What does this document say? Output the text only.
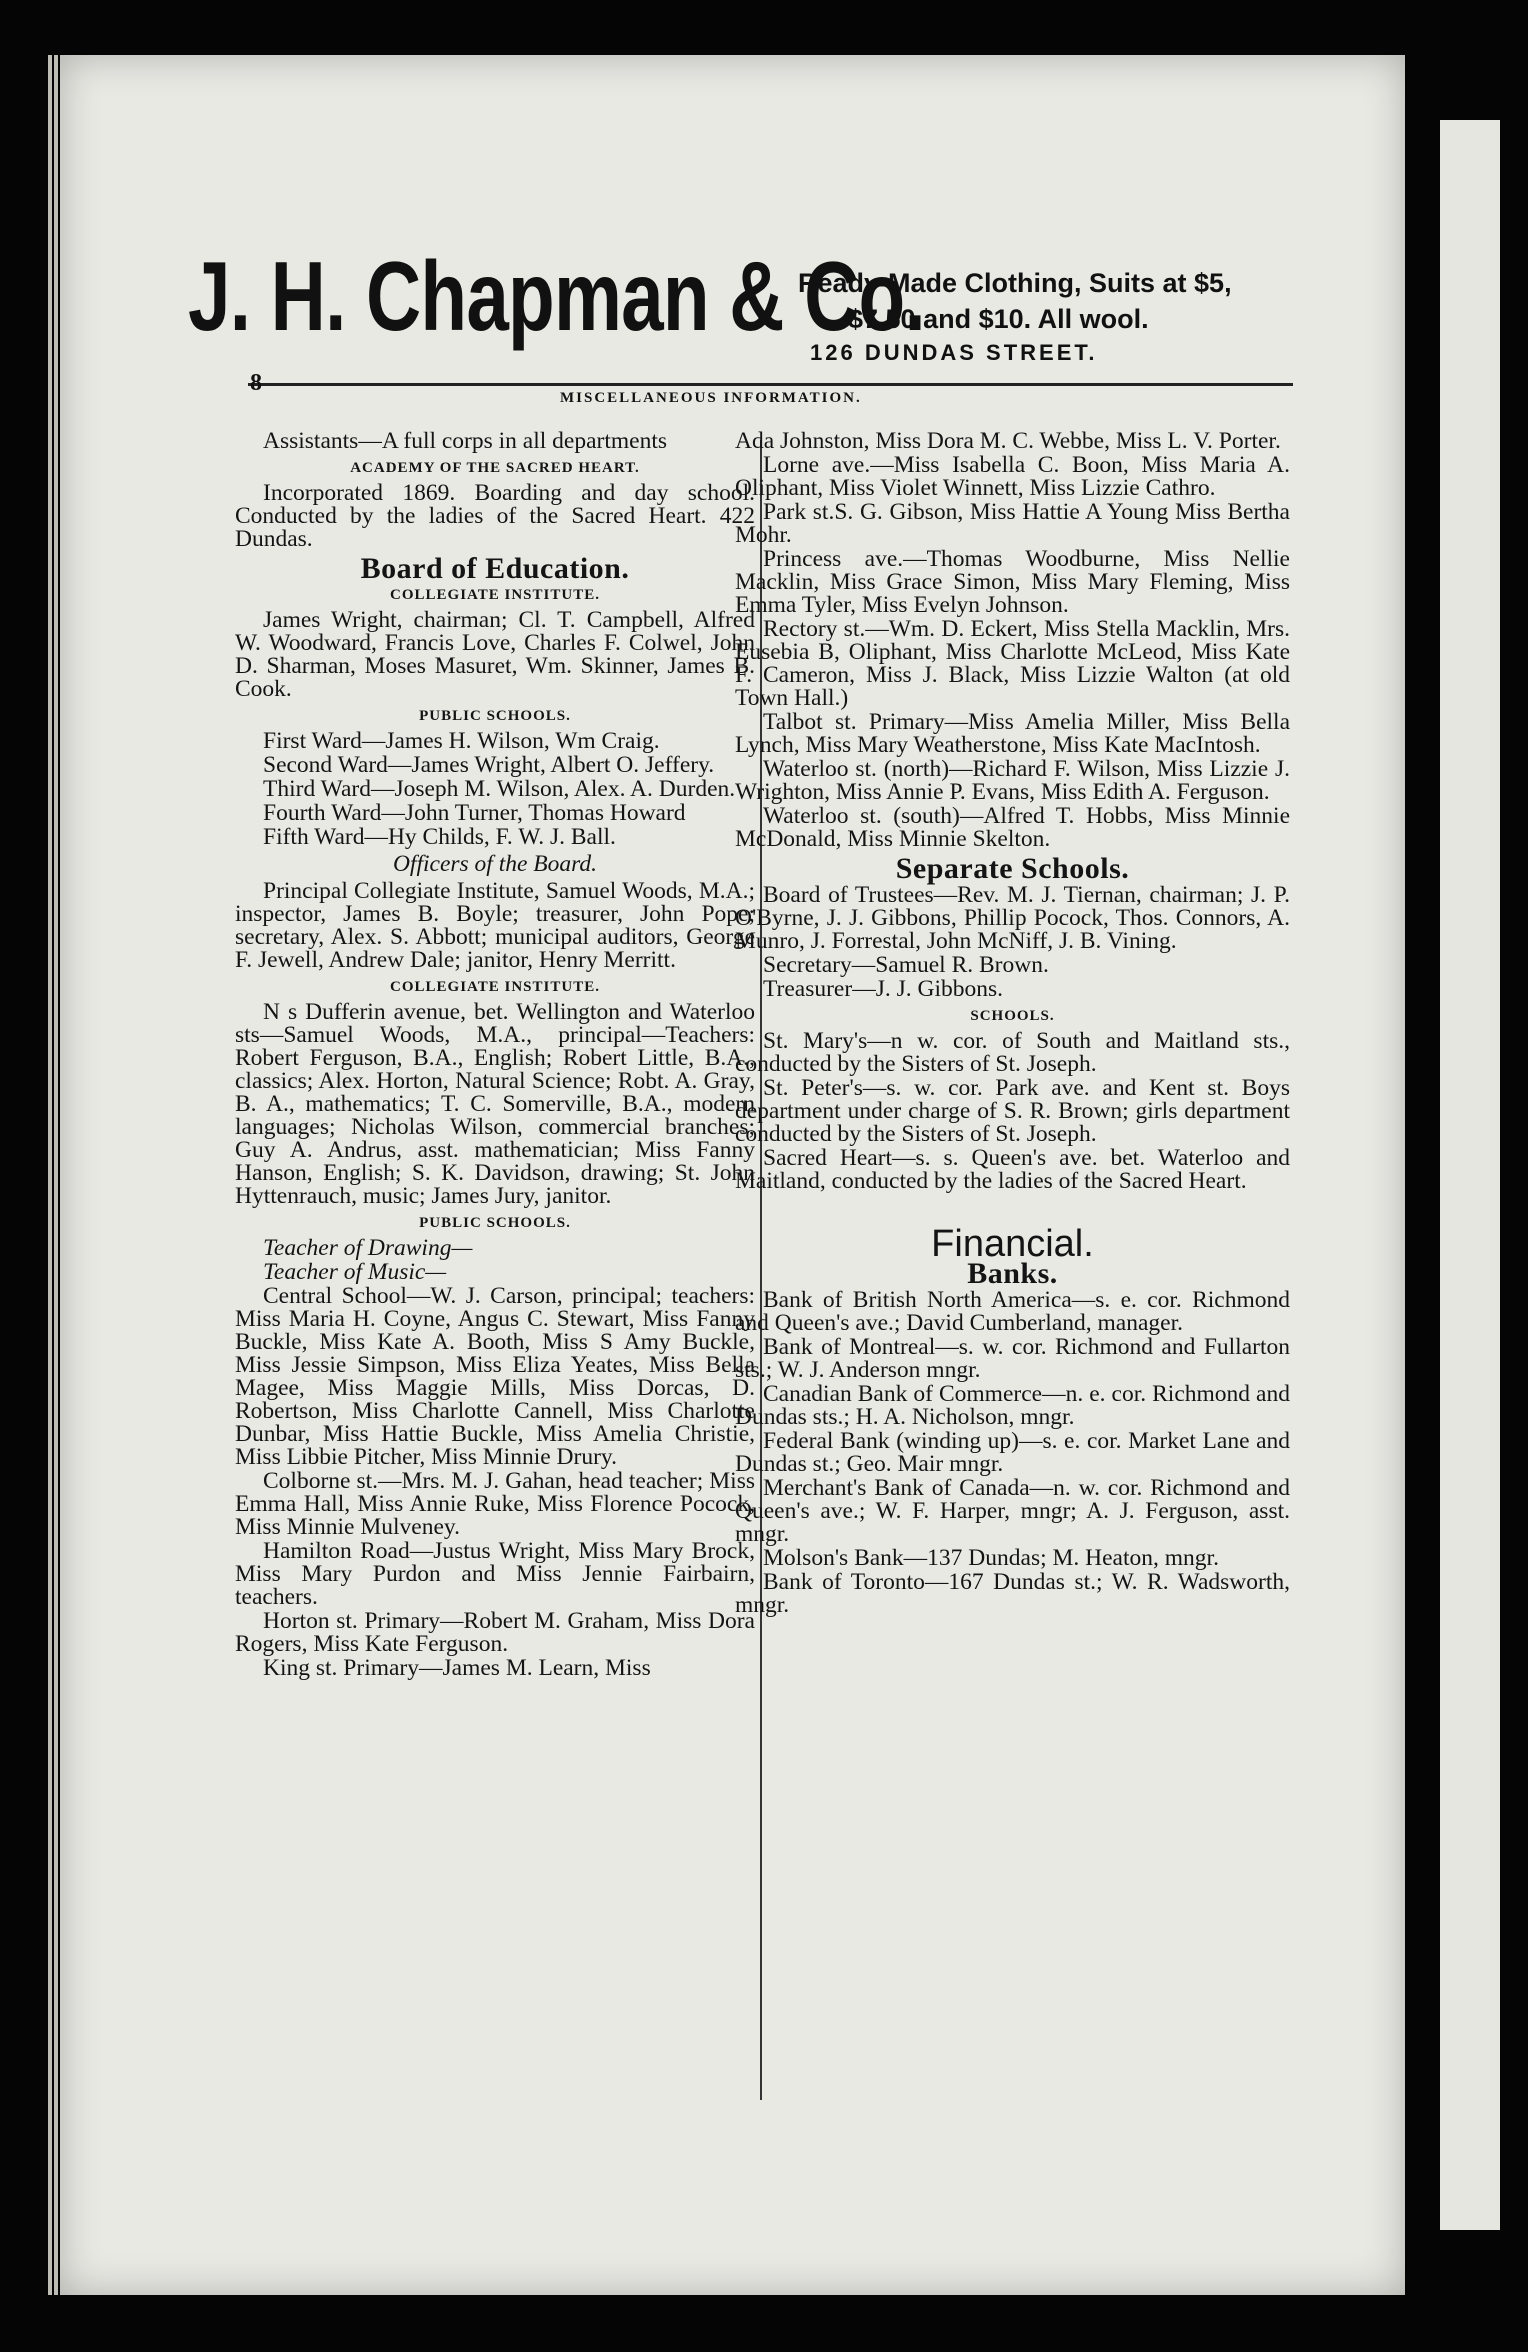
J. H. Chapman & Co.
Ready-Made Clothing, Suits at $5,
$7.50 and $10. All wool.
126 DUNDAS STREET.
8
MISCELLANEOUS INFORMATION.

Assistants—A full corps in all departments

ACADEMY OF THE SACRED HEART.

Incorporated 1869. Boarding and day school. Conducted by the ladies of the Sacred Heart. 422 Dundas.

Board of Education.
COLLEGIATE INSTITUTE.

James Wright, chairman; Cl. T. Campbell, Alfred W. Woodward, Francis Love, Charles F. Colwel, John D. Sharman, Moses Masuret, Wm. Skinner, James B. Cook.

PUBLIC SCHOOLS.

First Ward—James H. Wilson, Wm Craig.

Second Ward—James Wright, Albert O. Jeffery.

Third Ward—Joseph M. Wilson, Alex. A. Durden.

Fourth Ward—John Turner, Thomas Howard

Fifth Ward—Hy Childs, F. W. J. Ball.

Officers of the Board.

Principal Collegiate Institute, Samuel Woods, M.A.; inspector, James B. Boyle; treasurer, John Pope; secretary, Alex. S. Abbott; municipal auditors, George F. Jewell, Andrew Dale; janitor, Henry Merritt.

COLLEGIATE INSTITUTE.

N s Dufferin avenue, bet. Wellington and Waterloo sts—Samuel Woods, M.A., principal—Teachers: Robert Ferguson, B.A., English; Robert Little, B.A., classics; Alex. Horton, Natural Science; Robt. A. Gray, B. A., mathematics; T. C. Somerville, B.A., modern languages; Nicholas Wilson, commercial branches; Guy A. Andrus, asst. mathematician; Miss Fanny Hanson, English; S. K. Davidson, drawing; St. John Hyttenrauch, music; James Jury, janitor.

PUBLIC SCHOOLS.

Teacher of Drawing—

Teacher of Music—

Central School—W. J. Carson, principal; teachers: Miss Maria H. Coyne, Angus C. Stewart, Miss Fanny Buckle, Miss Kate A. Booth, Miss S Amy Buckle, Miss Jessie Simpson, Miss Eliza Yeates, Miss Bella Magee, Miss Maggie Mills, Miss Dorcas, D. Robertson, Miss Charlotte Cannell, Miss Charlotte Dunbar, Miss Hattie Buckle, Miss Amelia Christie, Miss Libbie Pitcher, Miss Minnie Drury.

Colborne st.—Mrs. M. J. Gahan, head teacher; Miss Emma Hall, Miss Annie Ruke, Miss Florence Pocock, Miss Minnie Mulveney.

Hamilton Road—Justus Wright, Miss Mary Brock, Miss Mary Purdon and Miss Jennie Fairbairn, teachers.

Horton st. Primary—Robert M. Graham, Miss Dora Rogers, Miss Kate Ferguson.

King st. Primary—James M. Learn, Miss

Ada Johnston, Miss Dora M. C. Webbe, Miss L. V. Porter.

Lorne ave.—Miss Isabella C. Boon, Miss Maria A. Oliphant, Miss Violet Winnett, Miss Lizzie Cathro.

Park st.S. G. Gibson, Miss Hattie A Young Miss Bertha Mohr.

Princess ave.—Thomas Woodburne, Miss Nellie Macklin, Miss Grace Simon, Miss Mary Fleming, Miss Emma Tyler, Miss Evelyn Johnson.

Rectory st.—Wm. D. Eckert, Miss Stella Macklin, Mrs. Eusebia B, Oliphant, Miss Charlotte McLeod, Miss Kate F. Cameron, Miss J. Black, Miss Lizzie Walton (at old Town Hall.)

Talbot st. Primary—Miss Amelia Miller, Miss Bella Lynch, Miss Mary Weatherstone, Miss Kate MacIntosh.

Waterloo st. (north)—Richard F. Wilson, Miss Lizzie J. Wrighton, Miss Annie P. Evans, Miss Edith A. Ferguson.

Waterloo st. (south)—Alfred T. Hobbs, Miss Minnie McDonald, Miss Minnie Skelton.

Separate Schools.

Board of Trustees—Rev. M. J. Tiernan, chairman; J. P. O'Byrne, J. J. Gibbons, Phillip Pocock, Thos. Connors, A. Munro, J. Forrestal, John McNiff, J. B. Vining.

Secretary—Samuel R. Brown.

Treasurer—J. J. Gibbons.

SCHOOLS.

St. Mary's—n w. cor. of South and Maitland sts., conducted by the Sisters of St. Joseph.

St. Peter's—s. w. cor. Park ave. and Kent st. Boys department under charge of S. R. Brown; girls department conducted by the Sisters of St. Joseph.

Sacred Heart—s. s. Queen's ave. bet. Waterloo and Maitland, conducted by the ladies of the Sacred Heart.

Financial.
Banks.

Bank of British North America—s. e. cor. Richmond and Queen's ave.; David Cumberland, manager.

Bank of Montreal—s. w. cor. Richmond and Fullarton sts.; W. J. Anderson mngr.

Canadian Bank of Commerce—n. e. cor. Richmond and Dundas sts.; H. A. Nicholson, mngr.

Federal Bank (winding up)—s. e. cor. Market Lane and Dundas st.; Geo. Mair mngr.

Merchant's Bank of Canada—n. w. cor. Richmond and Queen's ave.; W. F. Harper, mngr; A. J. Ferguson, asst. mngr.

Molson's Bank—137 Dundas; M. Heaton, mngr.

Bank of Toronto—167 Dundas st.; W. R. Wadsworth, mngr.
